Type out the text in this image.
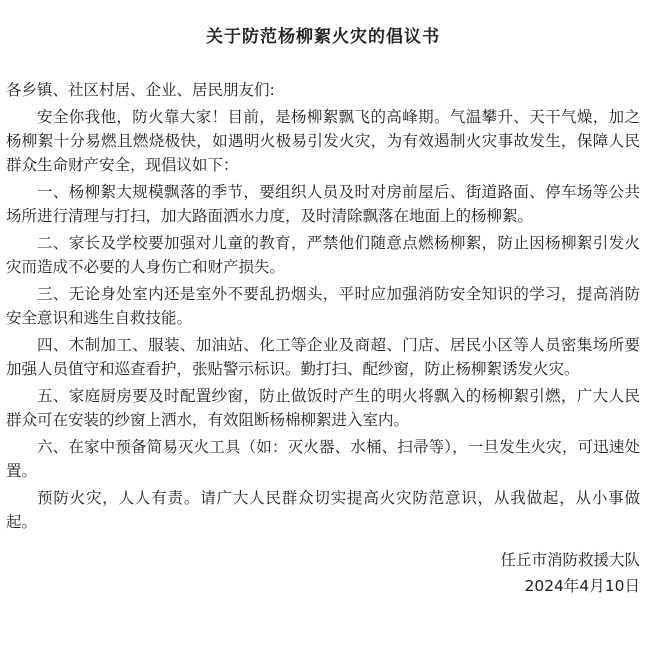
关于防范杨柳絮火灾的倡议书
各乡镇、社区村居、企业、居民朋友们:

安全你我他，防火靠大家！目前，是杨柳絮飘飞的高峰期。气温攀升、天干气燥，加之杨柳絮十分易燃且燃烧极快，如遇明火极易引发火灾，为有效遏制火灾事故发生，保障人民群众生命财产安全，现倡议如下：

一、杨柳絮大规模飘落的季节，要组织人员及时对房前屋后、街道路面、停车场等公共场所进行清理与打扫，加大路面洒水力度，及时清除飘落在地面上的杨柳絮。

二、家长及学校要加强对儿童的教育，严禁他们随意点燃杨柳絮，防止因杨柳絮引发火灾而造成不必要的人身伤亡和财产损失。

三、无论身处室内还是室外不要乱扔烟头，平时应加强消防安全知识的学习，提高消防安全意识和逃生自救技能。

四、木制加工、服装、加油站、化工等企业及商超、门店、居民小区等人员密集场所要加强人员值守和巡查看护，张贴警示标识。勤打扫、配纱窗，防止杨柳絮诱发火灾。

五、家庭厨房要及时配置纱窗，防止做饭时产生的明火将飘入的杨柳絮引燃，广大人民群众可在安装的纱窗上洒水，有效阻断杨棉柳絮进入室内。

六、在家中预备简易灭火工具（如：灭火器、水桶、扫帚等），一旦发生火灾，可迅速处置。

预防火灾，人人有责。请广大人民群众切实提高火灾防范意识，从我做起，从小事做起。

任丘市消防救援大队
2024年4月10日
